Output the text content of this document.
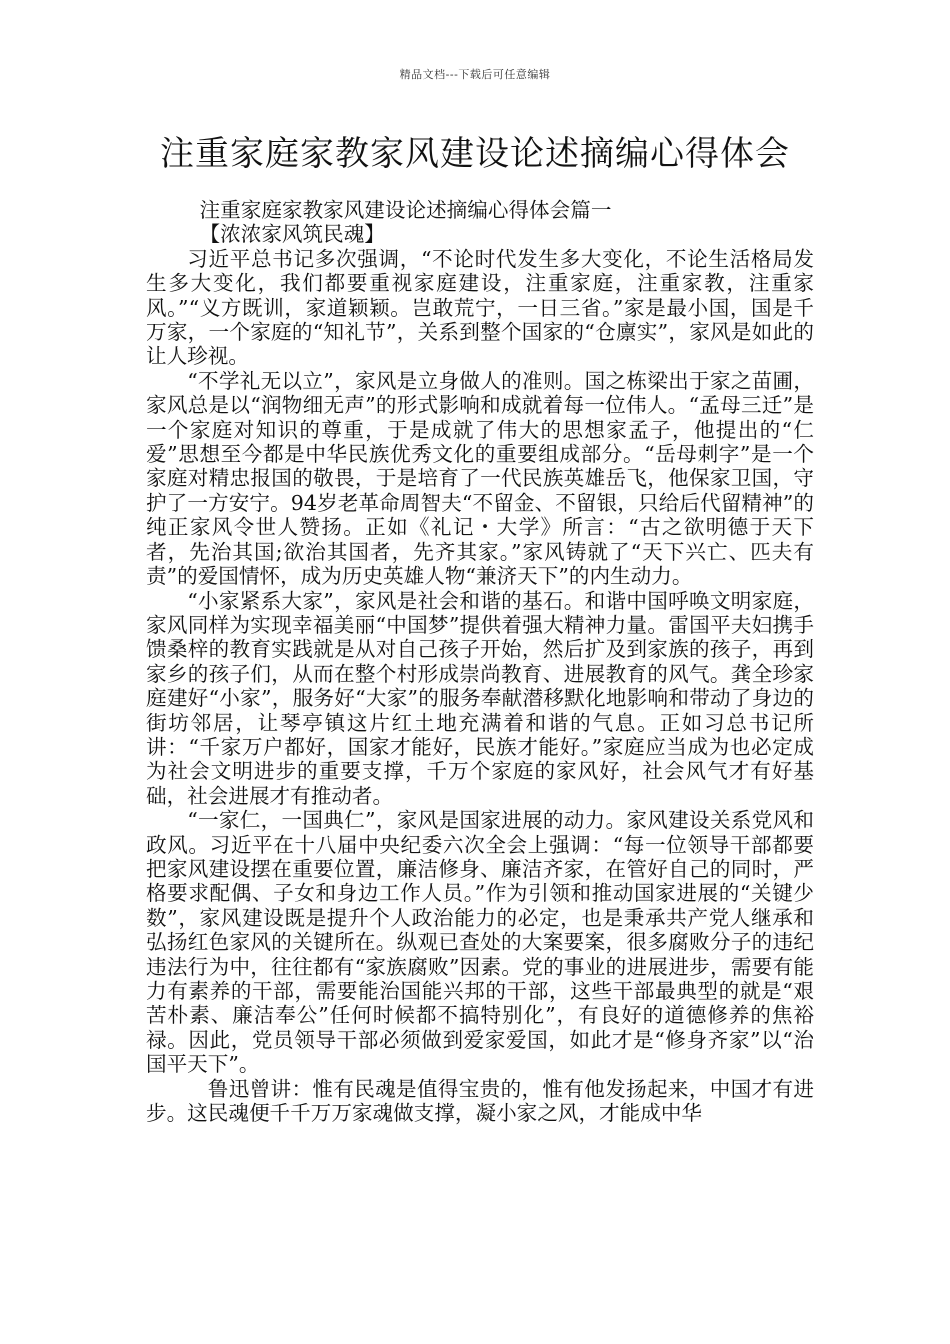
精品文档---下载后可任意编辑
注重家庭家教家风建设论述摘编心得体会

注重家庭家教家风建设论述摘编心得体会篇一

【浓浓家风筑民魂】

习近平总书记多次强调，“不论时代发生多大变化，不论生活格局发生多大变化，我们都要重视家庭建设，注重家庭，注重家教，注重家风。”“义方既训，家道颖颖。岂敢荒宁，一日三省。”家是最小国，国是千万家，一个家庭的“知礼节”，关系到整个国家的“仓廪实”，家风是如此的让人珍视。

“不学礼无以立”，家风是立身做人的准则。国之栋梁出于家之苗圃，家风总是以“润物细无声”的形式影响和成就着每一位伟人。“孟母三迁”是一个家庭对知识的尊重，于是成就了伟大的思想家孟子，他提出的“仁爱”思想至今都是中华民族优秀文化的重要组成部分。“岳母刺字”是一个家庭对精忠报国的敬畏，于是培育了一代民族英雄岳飞，他保家卫国，守护了一方安宁。94岁老革命周智夫“不留金、不留银，只给后代留精神”的纯正家风令世人赞扬。正如《礼记・大学》所言：“古之欲明德于天下者，先治其国;欲治其国者，先齐其家。”家风铸就了“天下兴亡、匹夫有责”的爱国情怀，成为历史英雄人物“兼济天下”的内生动力。

“小家紧系大家”，家风是社会和谐的基石。和谐中国呼唤文明家庭，家风同样为实现幸福美丽“中国梦”提供着强大精神力量。雷国平夫妇携手馈桑梓的教育实践就是从对自己孩子开始，然后扩及到家族的孩子，再到家乡的孩子们，从而在整个村形成崇尚教育、进展教育的风气。龚全珍家庭建好“小家”，服务好“大家”的服务奉献潜移默化地影响和带动了身边的街坊邻居，让琴亭镇这片红土地充满着和谐的气息。正如习总书记所讲：“千家万户都好，国家才能好，民族才能好。”家庭应当成为也必定成为社会文明进步的重要支撑，千万个家庭的家风好，社会风气才有好基础，社会进展才有推动者。

“一家仁，一国典仁”，家风是国家进展的动力。家风建设关系党风和政风。习近平在十八届中央纪委六次全会上强调：“每一位领导干部都要把家风建设摆在重要位置，廉洁修身、廉洁齐家，在管好自己的同时，严格要求配偶、子女和身边工作人员。”作为引领和推动国家进展的“关键少数”，家风建设既是提升个人政治能力的必定，也是秉承共产党人继承和弘扬红色家风的关键所在。纵观已查处的大案要案，很多腐败分子的违纪违法行为中，往往都有“家族腐败”因素。党的事业的进展进步，需要有能力有素养的干部，需要能治国能兴邦的干部，这些干部最典型的就是“艰苦朴素、廉洁奉公”任何时候都不搞特别化”，有良好的道德修养的焦裕禄。因此，党员领导干部必须做到爱家爱国，如此才是“修身齐家”以“治国平天下”。

鲁迅曾讲：惟有民魂是值得宝贵的，惟有他发扬起来，中国才有进步。这民魂便千千万万家魂做支撑，凝小家之风，才能成中华
